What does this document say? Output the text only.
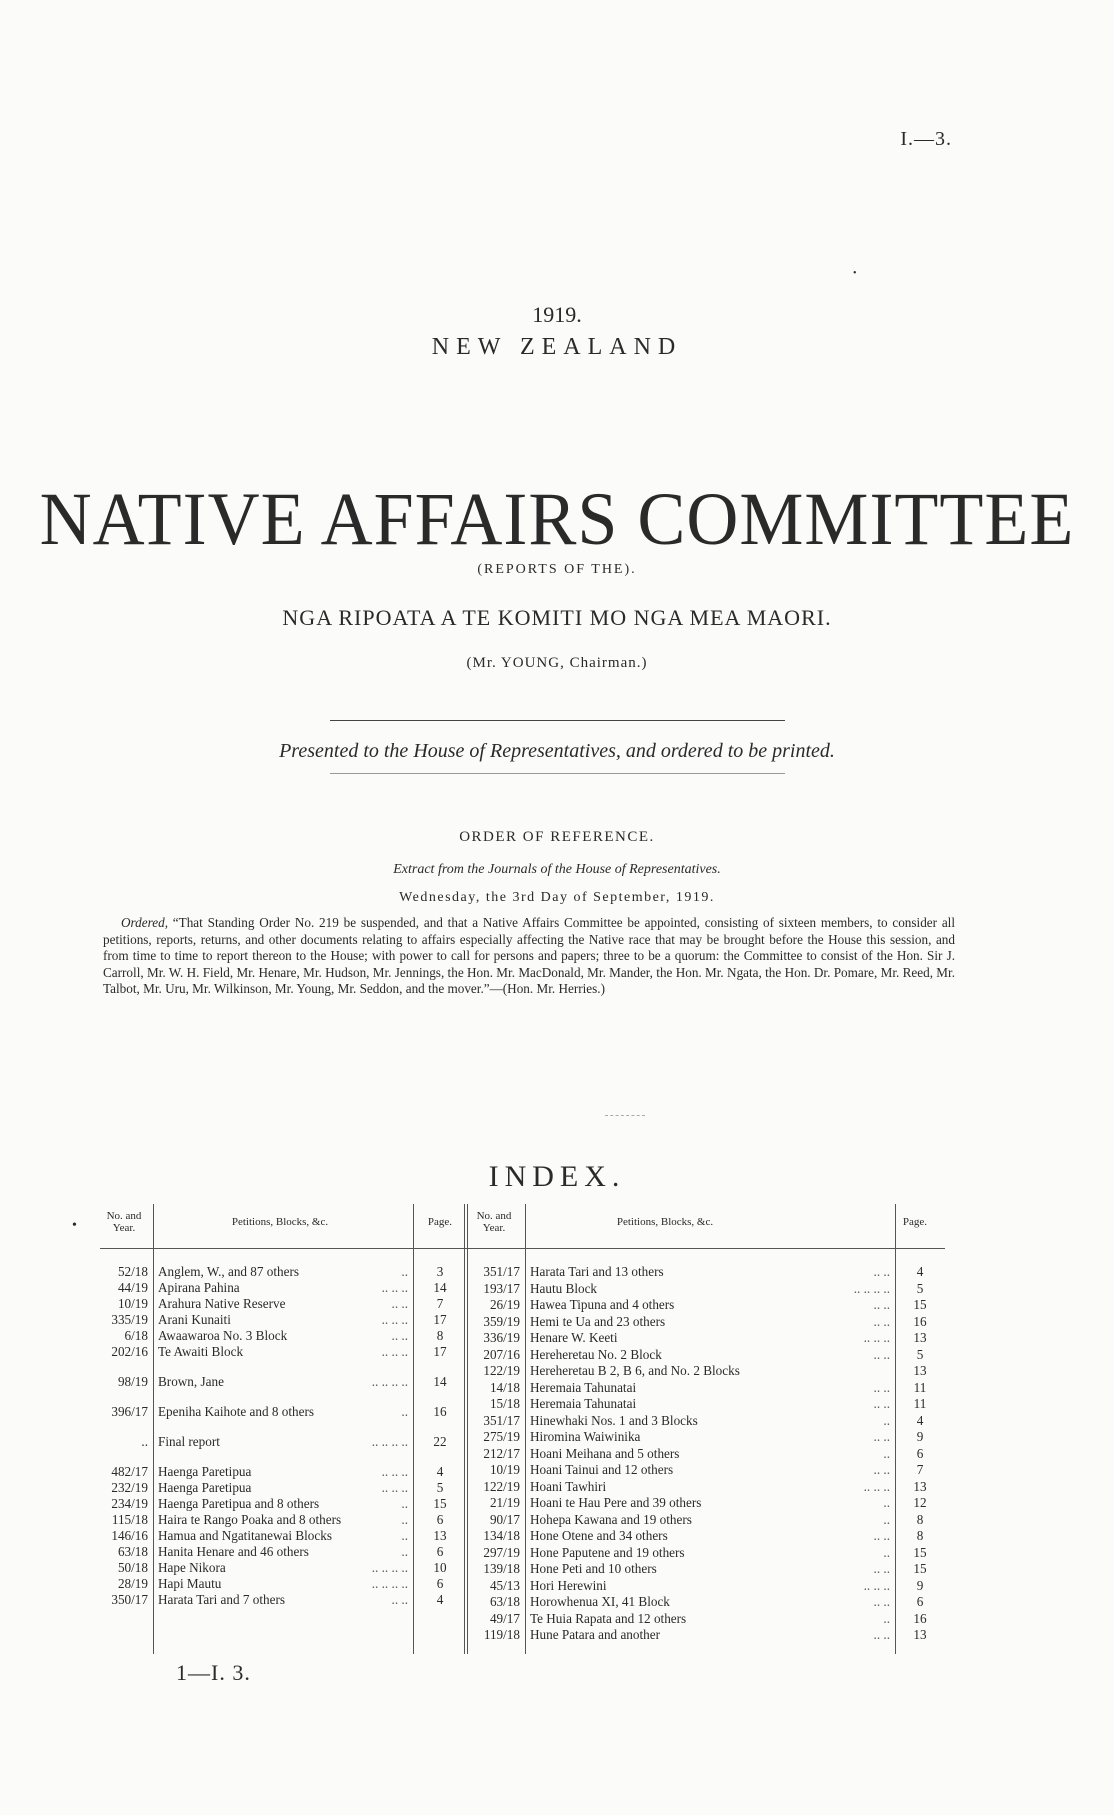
I.—3.
•
1919.
NEW ZEALAND
NATIVE AFFAIRS COMMITTEE
(REPORTS OF THE).
NGA RIPOATA A TE KOMITI MO NGA MEA MAORI.
(Mr. YOUNG, Chairman.)
Presented to the House of Representatives, and ordered to be printed.
ORDER OF REFERENCE.
Extract from the Journals of the House of Representatives.
Wednesday, the 3rd Day of September, 1919.
Ordered, “That Standing Order No. 219 be suspended, and that a Native Affairs Committee be appointed, consisting of sixteen members, to consider all petitions, reports, returns, and other documents relating to affairs especially affecting the Native race that may be brought before the House this session, and from time to time to report thereon to the House; with power to call for persons and papers; three to be a quorum: the Committee to consist of the Hon. Sir J. Carroll, Mr. W. H. Field, Mr. Henare, Mr. Hudson, Mr. Jennings, the Hon. Mr. MacDonald, Mr. Mander, the Hon. Mr. Ngata, the Hon. Dr. Pomare, Mr. Reed, Mr. Talbot, Mr. Uru, Mr. Wilkinson, Mr. Young, Mr. Seddon, and the mover.”—(Hon. Mr. Herries.)
INDEX.
•
No. and Year.	Petitions, Blocks, &c.	Page.	No. and Year.	Petitions, Blocks, &c.	Page.
52/18 Anglem, W., and 87 others	..	3
44/19 Apirana Pahina	.. .. ..	14
10/19 Arahura Native Reserve	.. ..	7
335/19 Arani Kunaiti	.. .. ..	17
6/18 Awaawaroa No. 3 Block	.. ..	8
202/16 Te Awaiti Block	.. .. ..	17
98/19 Brown, Jane	.. .. .. ..	14
396/17 Epeniha Kaihote and 8 others	..	16
.. Final report	.. .. .. ..	22
482/17 Haenga Paretipua	.. .. ..	4
232/19 Haenga Paretipua	.. .. ..	5
234/19 Haenga Paretipua and 8 others	..	15
115/18 Haira te Rango Poaka and 8 others	..	6
146/16 Hamua and Ngatitanewai Blocks	..	13
63/18 Hanita Henare and 46 others	..	6
50/18 Hape Nikora	.. .. .. ..	10
28/19 Hapi Mautu	.. .. .. ..	6
350/17 Harata Tari and 7 others	.. ..	4
351/17 Harata Tari and 13 others	.. ..	4
193/17 Hautu Block	.. .. .. ..	5
26/19 Hawea Tipuna and 4 others	.. ..	15
359/19 Hemi te Ua and 23 others	.. ..	16
336/19 Henare W. Keeti	.. .. ..	13
207/16 Hereheretau No. 2 Block	.. ..	5
122/19 Hereheretau B 2, B 6, and No. 2 Blocks	13
14/18 Heremaia Tahunatai	.. ..	11
15/18 Heremaia Tahunatai	.. ..	11
351/17 Hinewhaki Nos. 1 and 3 Blocks	..	4
275/19 Hiromina Waiwinika	.. ..	9
212/17 Hoani Meihana and 5 others	..	6
10/19 Hoani Tainui and 12 others	.. ..	7
122/19 Hoani Tawhiri	.. .. ..	13
21/19 Hoani te Hau Pere and 39 others	..	12
90/17 Hohepa Kawana and 19 others	..	8
134/18 Hone Otene and 34 others	.. ..	8
297/19 Hone Paputene and 19 others	..	15
139/18 Hone Peti and 10 others	.. ..	15
45/13 Hori Herewini	.. .. ..	9
63/18 Horowhenua XI, 41 Block	.. ..	6
49/17 Te Huia Rapata and 12 others	..	16
119/18 Hune Patara and another	.. ..	13
1—I. 3.
